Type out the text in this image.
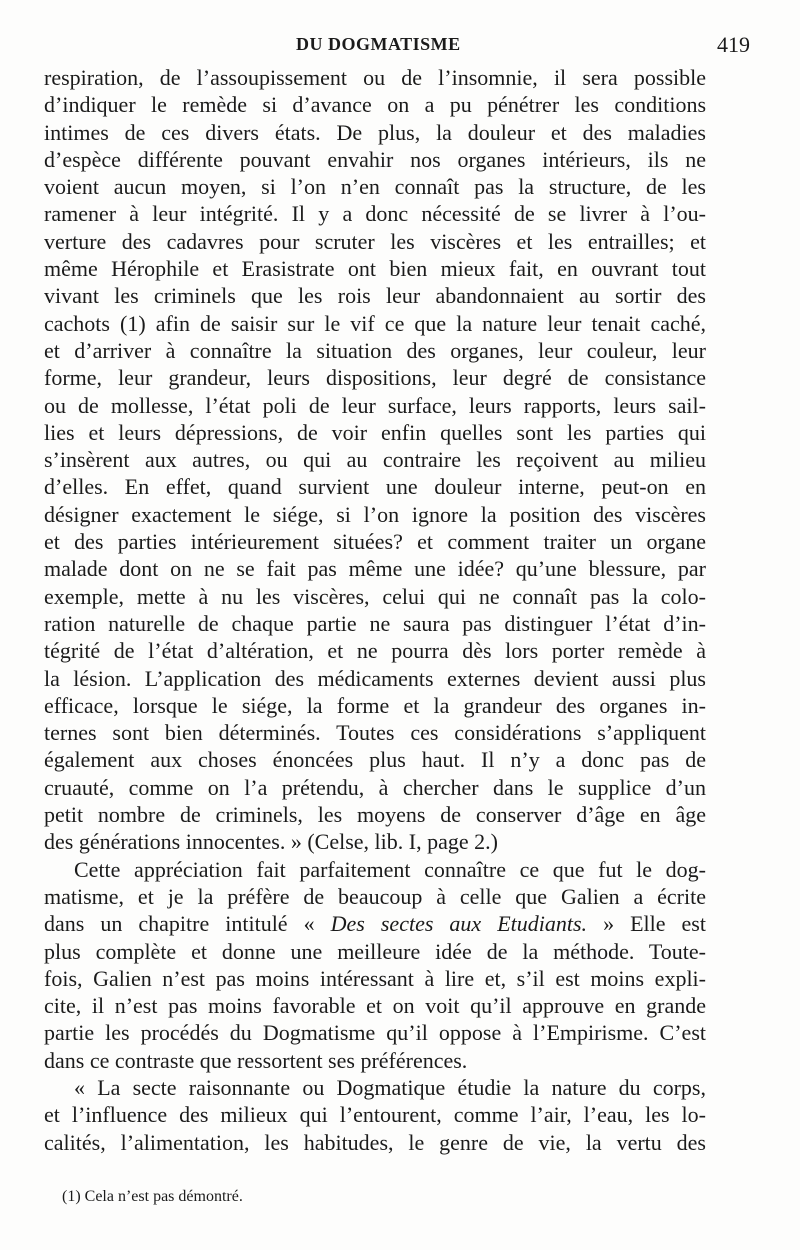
DU DOGMATISME	419
respiration, de l’assoupissement ou de l’insomnie, il sera possible
d’indiquer le remède si d’avance on a pu pénétrer les conditions
intimes de ces divers états. De plus, la douleur et des maladies
d’espèce différente pouvant envahir nos organes intérieurs, ils ne
voient aucun moyen, si l’on n’en connaît pas la structure, de les
ramener à leur intégrité. Il y a donc nécessité de se livrer à l’ou-
verture des cadavres pour scruter les viscères et les entrailles; et
même Hérophile et Erasistrate ont bien mieux fait, en ouvrant tout
vivant les criminels que les rois leur abandonnaient au sortir des
cachots (1) afin de saisir sur le vif ce que la nature leur tenait caché,
et d’arriver à connaître la situation des organes, leur couleur, leur
forme, leur grandeur, leurs dispositions, leur degré de consistance
ou de mollesse, l’état poli de leur surface, leurs rapports, leurs sail-
lies et leurs dépressions, de voir enfin quelles sont les parties qui
s’insèrent aux autres, ou qui au contraire les reçoivent au milieu
d’elles. En effet, quand survient une douleur interne, peut-on en
désigner exactement le siége, si l’on ignore la position des viscères
et des parties intérieurement situées? et comment traiter un organe
malade dont on ne se fait pas même une idée? qu’une blessure, par
exemple, mette à nu les viscères, celui qui ne connaît pas la colo-
ration naturelle de chaque partie ne saura pas distinguer l’état d’in-
tégrité de l’état d’altération, et ne pourra dès lors porter remède à
la lésion. L’application des médicaments externes devient aussi plus
efficace, lorsque le siége, la forme et la grandeur des organes in-
ternes sont bien déterminés. Toutes ces considérations s’appliquent
également aux choses énoncées plus haut. Il n’y a donc pas de
cruauté, comme on l’a prétendu, à chercher dans le supplice d’un
petit nombre de criminels, les moyens de conserver d’âge en âge
des générations innocentes. » (Celse, lib. I, page 2.)
Cette appréciation fait parfaitement connaître ce que fut le dog-
matisme, et je la préfère de beaucoup à celle que Galien a écrite
dans un chapitre intitulé « Des sectes aux Etudiants. » Elle est
plus complète et donne une meilleure idée de la méthode. Toute-
fois, Galien n’est pas moins intéressant à lire et, s’il est moins expli-
cite, il n’est pas moins favorable et on voit qu’il approuve en grande
partie les procédés du Dogmatisme qu’il oppose à l’Empirisme. C’est
dans ce contraste que ressortent ses préférences.
« La secte raisonnante ou Dogmatique étudie la nature du corps,
et l’influence des milieux qui l’entourent, comme l’air, l’eau, les lo-
calités, l’alimentation, les habitudes, le genre de vie, la vertu des
(1) Cela n’est pas démontré.
